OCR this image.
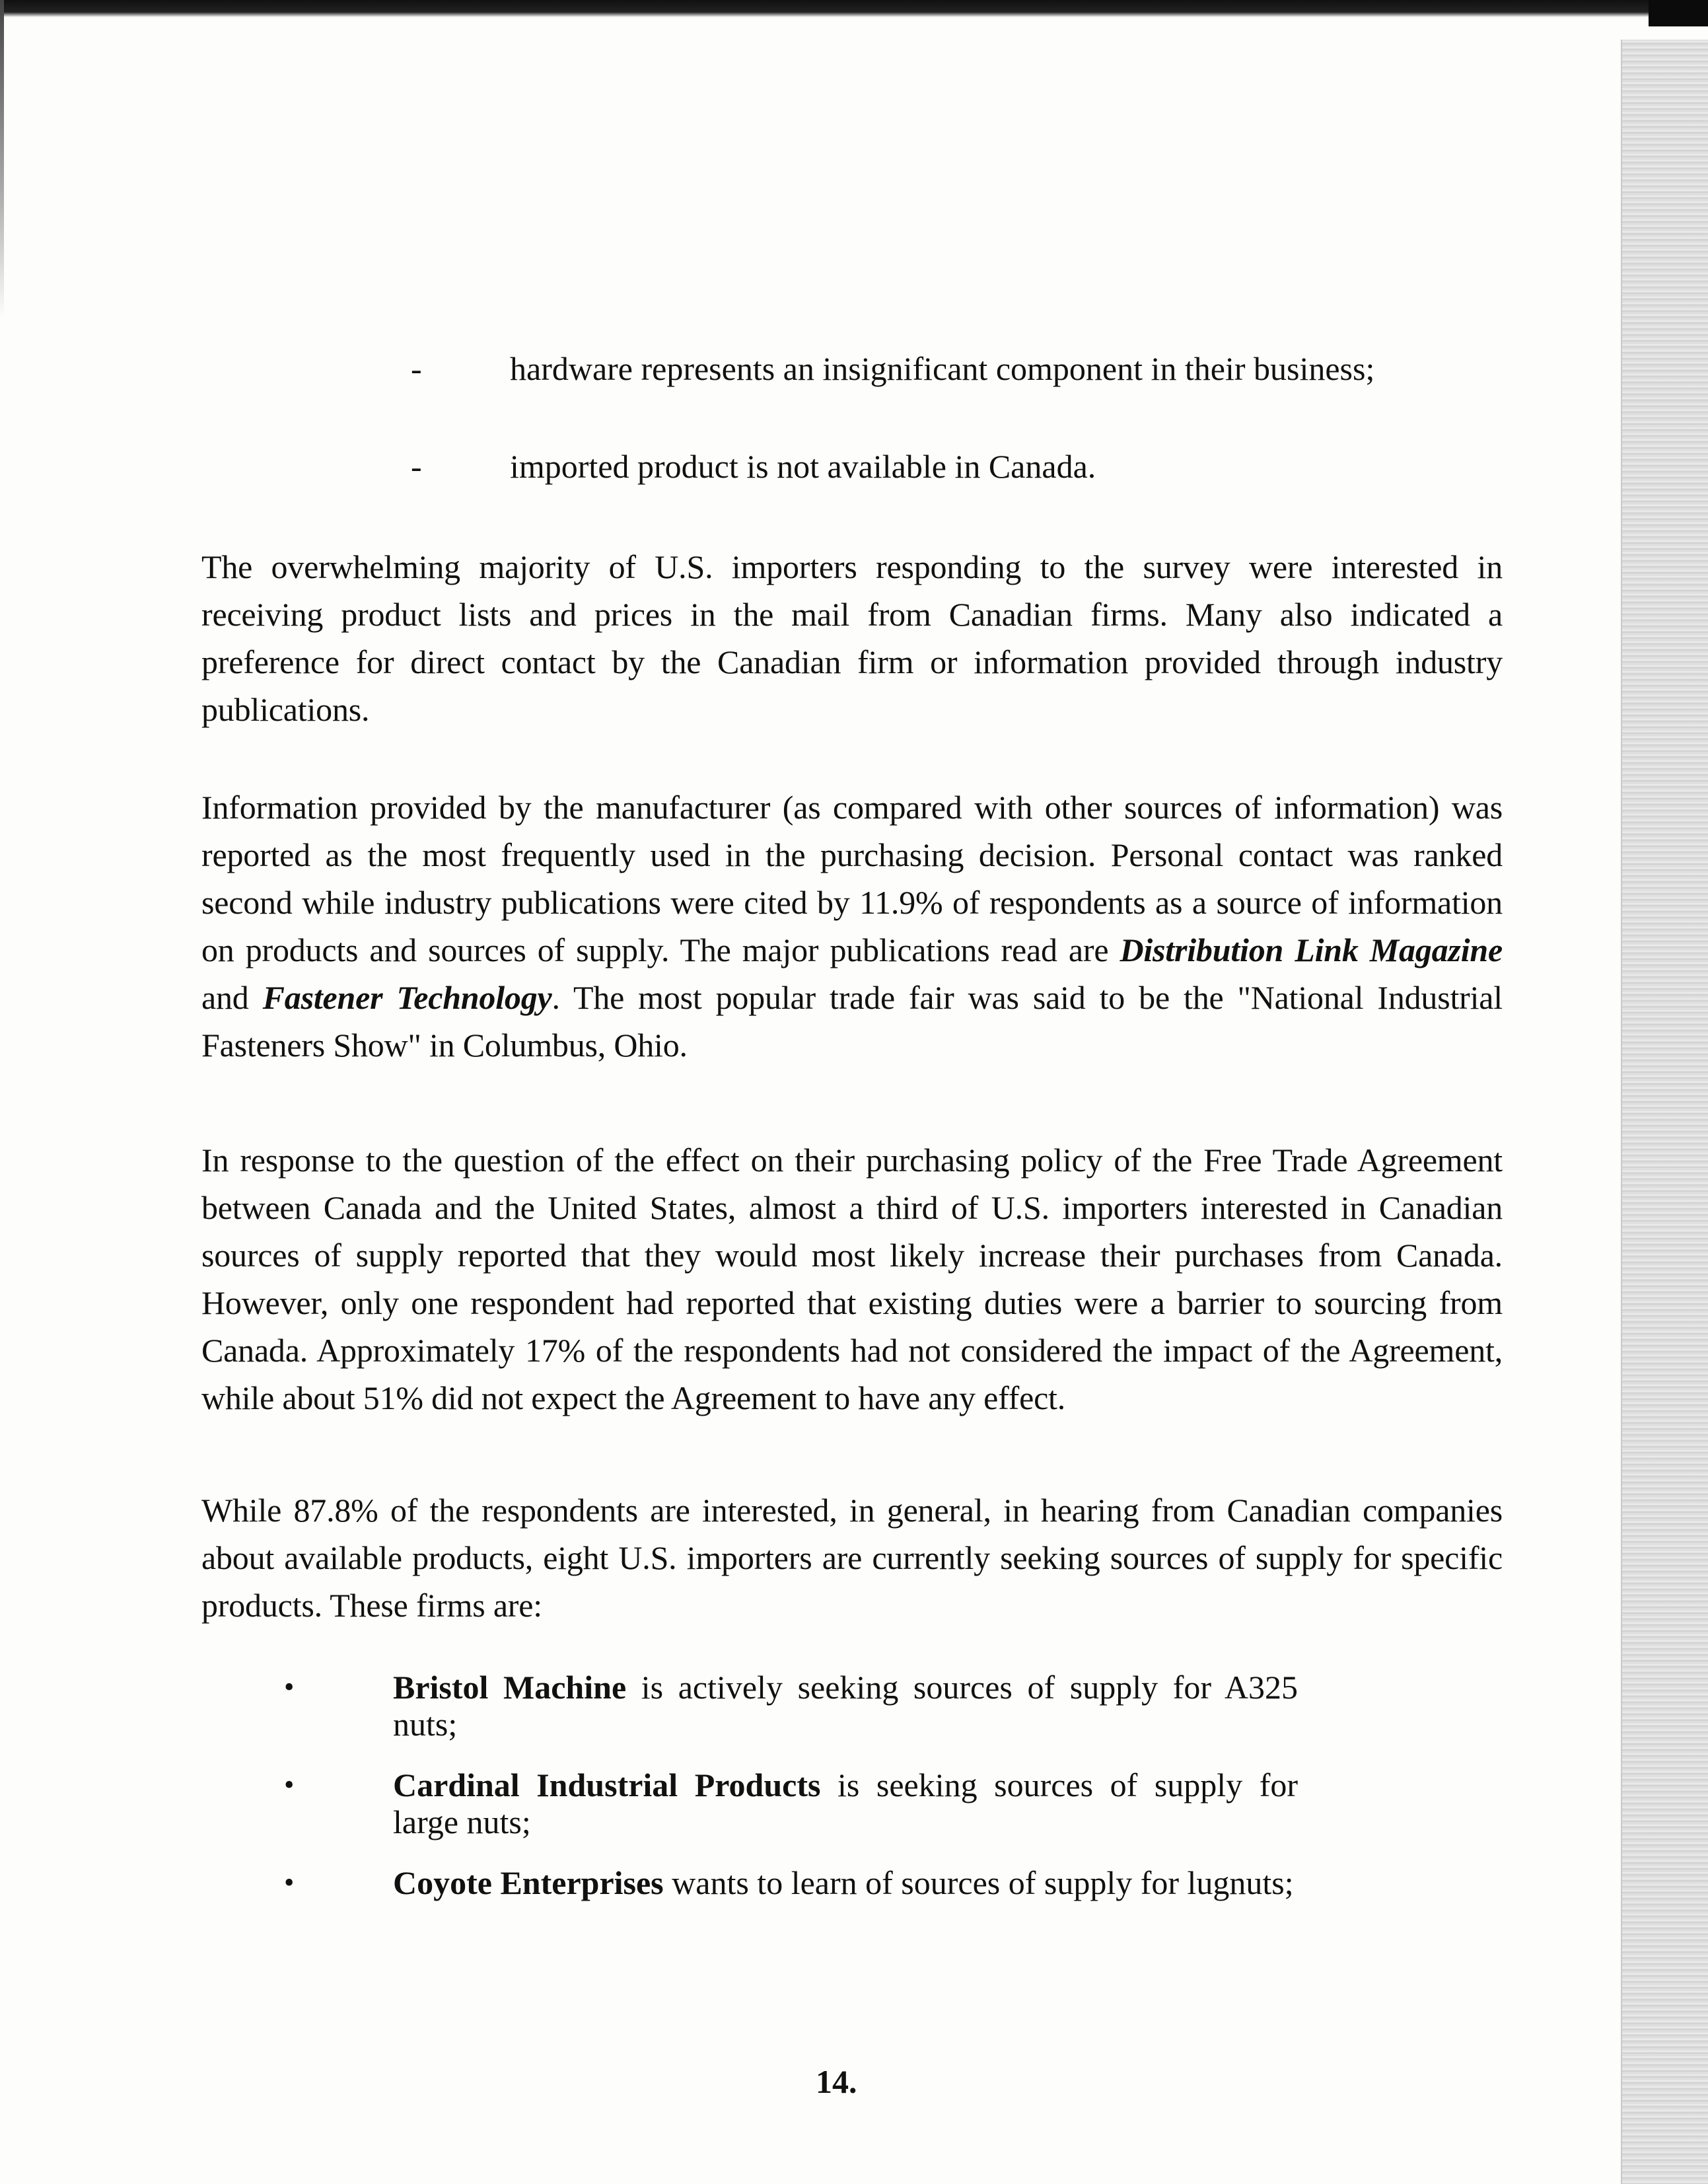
-	hardware represents an insignificant component in their business;
-	imported product is not available in Canada.

The overwhelming majority of U.S. importers responding to the survey were interested in receiving product lists and prices in the mail from Canadian firms. Many also indicated a preference for direct contact by the Canadian firm or information provided through industry publications.

Information provided by the manufacturer (as compared with other sources of information) was reported as the most frequently used in the purchasing decision. Personal contact was ranked second while industry publications were cited by 11.9% of respondents as a source of information on products and sources of supply. The major publications read are Distribution Link Magazine and Fastener Technology. The most popular trade fair was said to be the "National Industrial Fasteners Show" in Columbus, Ohio.

In response to the question of the effect on their purchasing policy of the Free Trade Agreement between Canada and the United States, almost a third of U.S. importers interested in Canadian sources of supply reported that they would most likely increase their purchases from Canada. However, only one respondent had reported that existing duties were a barrier to sourcing from Canada. Approximately 17% of the respondents had not considered the impact of the Agreement, while about 51% did not expect the Agreement to have any effect.

While 87.8% of the respondents are interested, in general, in hearing from Canadian companies about available products, eight U.S. importers are currently seeking sources of supply for specific products. These firms are:

•	Bristol Machine is actively seeking sources of supply for A325 nuts;
•	Cardinal Industrial Products is seeking sources of supply for large nuts;
•	Coyote Enterprises wants to learn of sources of supply for lugnuts;
14.
